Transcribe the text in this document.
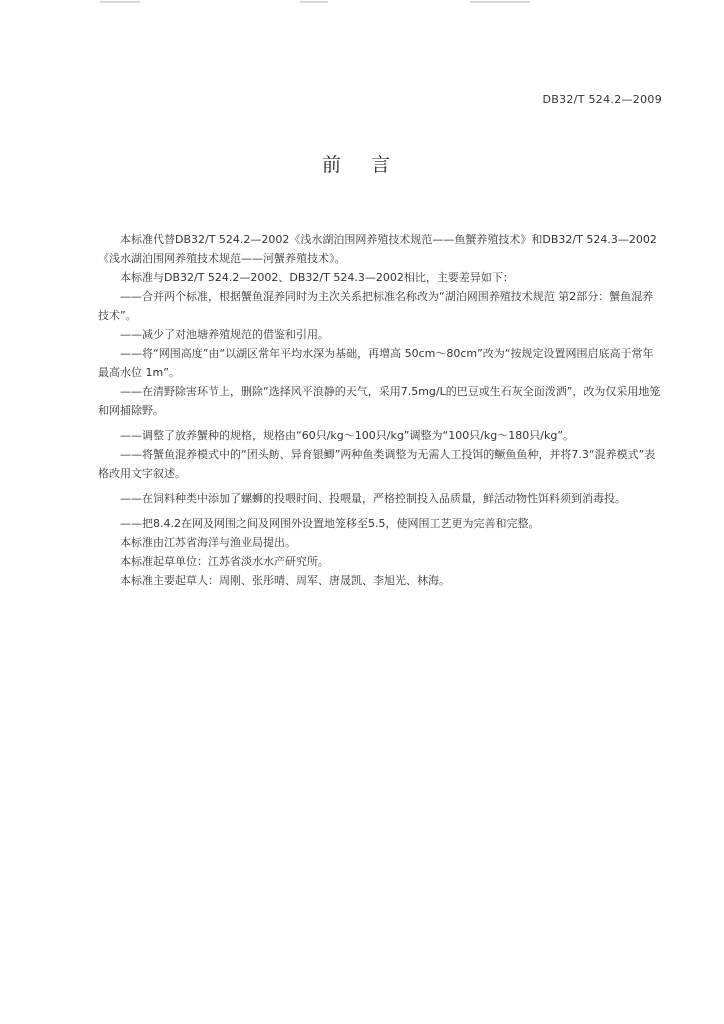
DB32/T 524.2—2009
前 言

本标准代替DB32/T 524.2—2002《浅水湖泊围网养殖技术规范——鱼蟹养殖技术》和DB32/T 524.3—2002《浅水湖泊围网养殖技术规范——河蟹养殖技术》。

本标准与DB32/T 524.2—2002、DB32/T 524.3—2002相比，主要差异如下：

——合并两个标准，根据蟹鱼混养同时为主次关系把标准名称改为“湖泊网围养殖技术规范 第2部分：蟹鱼混养技术”。

——减少了对池塘养殖规范的借鉴和引用。

——将“网围高度”由“以湖区常年平均水深为基础，再增高 50cm～80cm”改为“按规定设置网围启底高于常年最高水位 1m”。

——在清野除害环节上，删除“选择风平浪静的天气，采用7.5mg/L的巴豆或生石灰全面泼洒”，改为仅采用地笼和网捕除野。

——调整了放养蟹种的规格，规格由“60只/kg～100只/kg”调整为“100只/kg～180只/kg”。

——将蟹鱼混养模式中的“团头鲂、异育银鲫”两种鱼类调整为无需人工投饵的鳜鱼鱼种，并将7.3“混养模式”表格改用文字叙述。

——在饲料种类中添加了螺蛳的投喂时间、投喂量，严格控制投入品质量，鲜活动物性饵料须到消毒投。

——把8.4.2在网及网围之间及网围外设置地笼移至5.5，使网围工艺更为完善和完整。

本标准由江苏省海洋与渔业局提出。

本标准起草单位：江苏省淡水水产研究所。

本标准主要起草人：周刚、张彤晴、周军、唐晟凯、李旭光、林海。
